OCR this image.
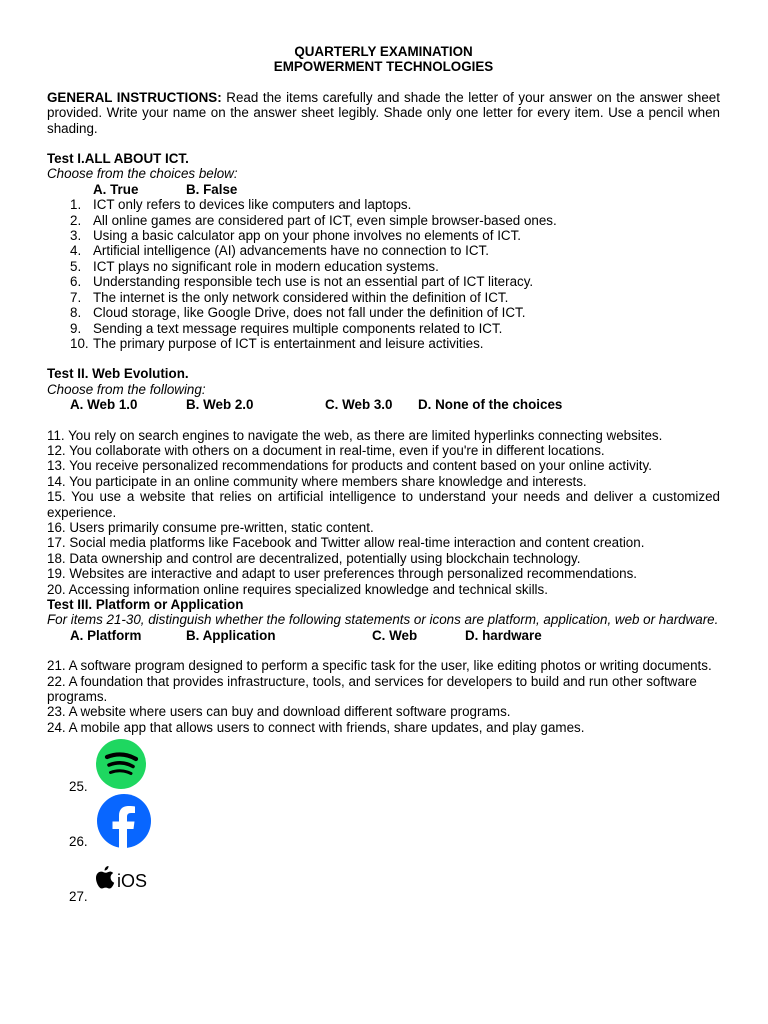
QUARTERLY EXAMINATION
EMPOWERMENT TECHNOLOGIES
GENERAL INSTRUCTIONS: Read the items carefully and shade the letter of your answer on the answer sheet provided. Write your name on the answer sheet legibly. Shade only one letter for every item. Use a pencil when shading.
Test I.ALL ABOUT ICT.
Choose from the choices below:
A. True	B. False
1. ICT only refers to devices like computers and laptops.
2. All online games are considered part of ICT, even simple browser-based ones.
3. Using a basic calculator app on your phone involves no elements of ICT.
4. Artificial intelligence (AI) advancements have no connection to ICT.
5. ICT plays no significant role in modern education systems.
6. Understanding responsible tech use is not an essential part of ICT literacy.
7. The internet is the only network considered within the definition of ICT.
8. Cloud storage, like Google Drive, does not fall under the definition of ICT.
9. Sending a text message requires multiple components related to ICT.
10. The primary purpose of ICT is entertainment and leisure activities.
Test II. Web Evolution.
Choose from the following:
A. Web 1.0	B. Web 2.0	C. Web 3.0	D. None of the choices
11. You rely on search engines to navigate the web, as there are limited hyperlinks connecting websites.
12. You collaborate with others on a document in real-time, even if you're in different locations.
13. You receive personalized recommendations for products and content based on your online activity.
14. You participate in an online community where members share knowledge and interests.
15. You use a website that relies on artificial intelligence to understand your needs and deliver a customized experience.
16. Users primarily consume pre-written, static content.
17. Social media platforms like Facebook and Twitter allow real-time interaction and content creation.
18. Data ownership and control are decentralized, potentially using blockchain technology.
19. Websites are interactive and adapt to user preferences through personalized recommendations.
20. Accessing information online requires specialized knowledge and technical skills.
Test III. Platform or Application
For items 21-30, distinguish whether the following statements or icons are platform, application, web or hardware.
A. Platform	B. Application	C. Web	D. hardware
21. A software program designed to perform a specific task for the user, like editing photos or writing documents.
22. A foundation that provides infrastructure, tools, and services for developers to build and run other software programs.
23. A website where users can buy and download different software programs.
24. A mobile app that allows users to connect with friends, share updates, and play games.
25.
26.
27.
iOS
